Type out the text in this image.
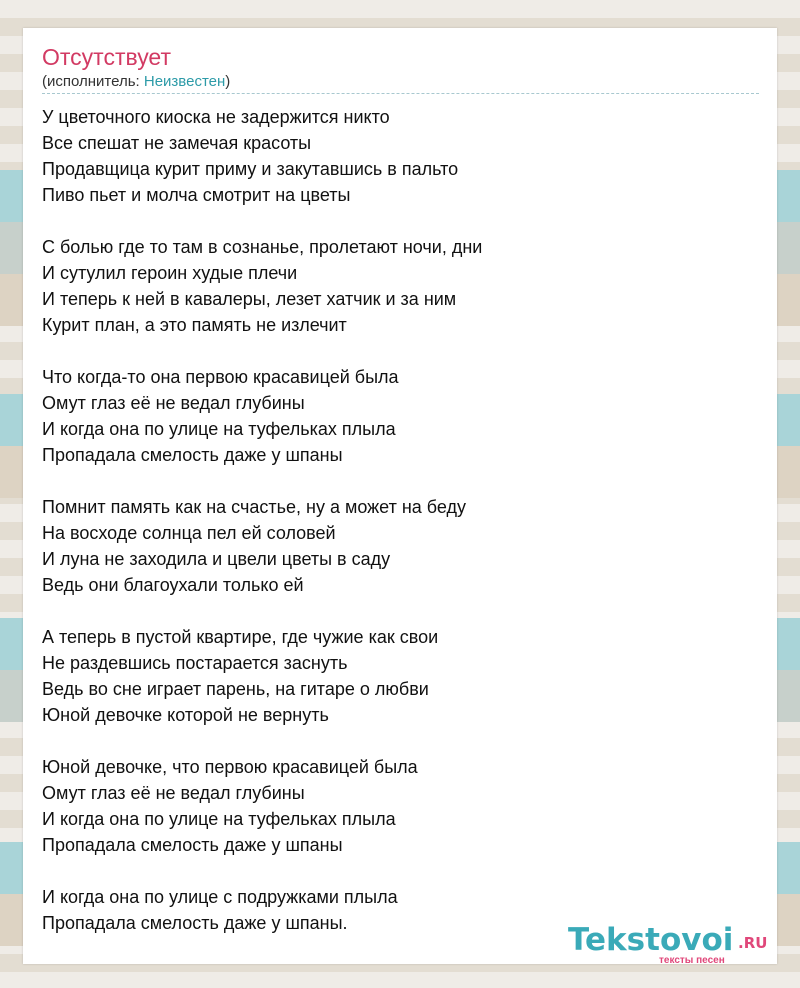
Отсутствует
(исполнитель: Неизвестен)

У цветочного киоска не задержится никто
Все спешат не замечая красоты
Продавщица курит приму и закутавшись в пальто
Пиво пьет и молча смотрит на цветы

С болью где то там в сознанье, пролетают ночи, дни
И сутулил героин худые плечи
И теперь к ней в кавалеры, лезет хатчик и за ним
Курит план, а это память не излечит

Что когда-то она первою красавицей была
Омут глаз её не ведал глубины
И когда она по улице на туфельках плыла
Пропадала смелость даже у шпаны

Помнит память как на счастье, ну а может на беду
На восходе солнца пел ей соловей
И луна не заходила и цвели цветы в саду
Ведь они благоухали только ей

А теперь в пустой квартире, где чужие как свои
Не раздевшись постарается заснуть
Ведь во сне играет парень, на гитаре о любви
Юной девочке которой не вернуть

Юной девочке, что первою красавицей была
Омут глаз её не ведал глубины
И когда она по улице на туфельках плыла
Пропадала смелость даже у шпаны

И когда она по улице с подружками плыла
Пропадала смелость даже у шпаны.	Tekstovoi .RU
тексты песен
